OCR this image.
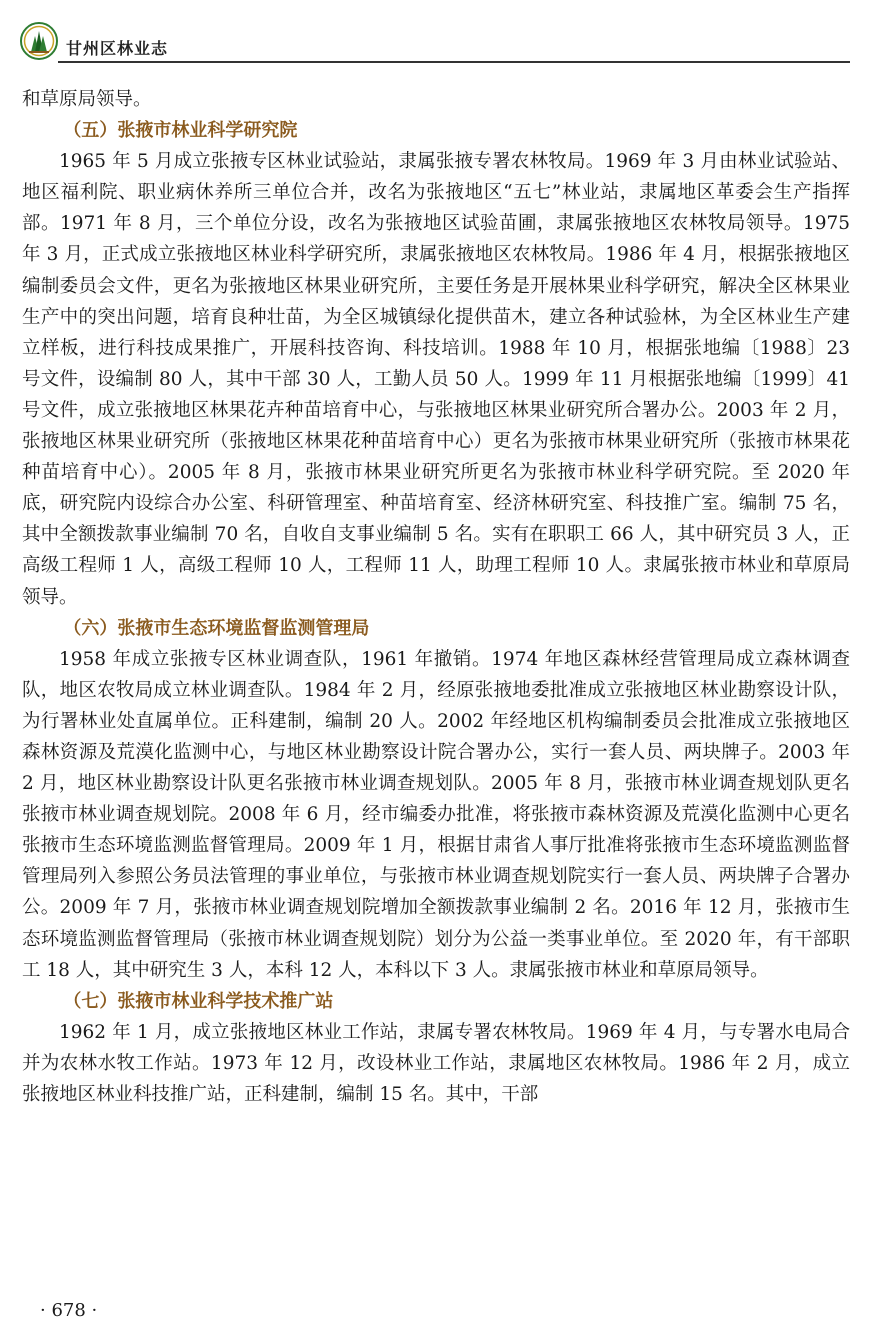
甘州区林业志

和草原局领导。

（五）张掖市林业科学研究院

1965 年 5 月成立张掖专区林业试验站，隶属张掖专署农林牧局。1969 年 3 月由林业试验站、地区福利院、职业病休养所三单位合并，改名为张掖地区“五七”林业站，隶属地区革委会生产指挥部。1971 年 8 月，三个单位分设，改名为张掖地区试验苗圃，隶属张掖地区农林牧局领导。1975 年 3 月，正式成立张掖地区林业科学研究所，隶属张掖地区农林牧局。1986 年 4 月，根据张掖地区编制委员会文件，更名为张掖地区林果业研究所，主要任务是开展林果业科学研究，解决全区林果业生产中的突出问题，培育良种壮苗，为全区城镇绿化提供苗木，建立各种试验林，为全区林业生产建立样板，进行科技成果推广，开展科技咨询、科技培训。1988 年 10 月，根据张地编〔1988〕23 号文件，设编制 80 人，其中干部 30 人，工勤人员 50 人。1999 年 11 月根据张地编〔1999〕41 号文件，成立张掖地区林果花卉种苗培育中心，与张掖地区林果业研究所合署办公。2003 年 2 月，张掖地区林果业研究所（张掖地区林果花种苗培育中心）更名为张掖市林果业研究所（张掖市林果花种苗培育中心）。2005 年 8 月，张掖市林果业研究所更名为张掖市林业科学研究院。至 2020 年底，研究院内设综合办公室、科研管理室、种苗培育室、经济林研究室、科技推广室。编制 75 名，其中全额拨款事业编制 70 名，自收自支事业编制 5 名。实有在职职工 66 人，其中研究员 3 人，正高级工程师 1 人，高级工程师 10 人，工程师 11 人，助理工程师 10 人。隶属张掖市林业和草原局领导。

（六）张掖市生态环境监督监测管理局

1958 年成立张掖专区林业调查队，1961 年撤销。1974 年地区森林经营管理局成立森林调查队，地区农牧局成立林业调查队。1984 年 2 月，经原张掖地委批准成立张掖地区林业勘察设计队，为行署林业处直属单位。正科建制，编制 20 人。2002 年经地区机构编制委员会批准成立张掖地区森林资源及荒漠化监测中心，与地区林业勘察设计院合署办公，实行一套人员、两块牌子。2003 年 2 月，地区林业勘察设计队更名张掖市林业调查规划队。2005 年 8 月，张掖市林业调查规划队更名张掖市林业调查规划院。2008 年 6 月，经市编委办批准，将张掖市森林资源及荒漠化监测中心更名张掖市生态环境监测监督管理局。2009 年 1 月，根据甘肃省人事厅批准将张掖市生态环境监测监督管理局列入参照公务员法管理的事业单位，与张掖市林业调查规划院实行一套人员、两块牌子合署办公。2009 年 7 月，张掖市林业调查规划院增加全额拨款事业编制 2 名。2016 年 12 月，张掖市生态环境监测监督管理局（张掖市林业调查规划院）划分为公益一类事业单位。至 2020 年，有干部职工 18 人，其中研究生 3 人，本科 12 人，本科以下 3 人。隶属张掖市林业和草原局领导。

（七）张掖市林业科学技术推广站

1962 年 1 月，成立张掖地区林业工作站，隶属专署农林牧局。1969 年 4 月，与专署水电局合并为农林水牧工作站。1973 年 12 月，改设林业工作站，隶属地区农林牧局。1986 年 2 月，成立张掖地区林业科技推广站，正科建制，编制 15 名。其中，干部

· 678 ·
